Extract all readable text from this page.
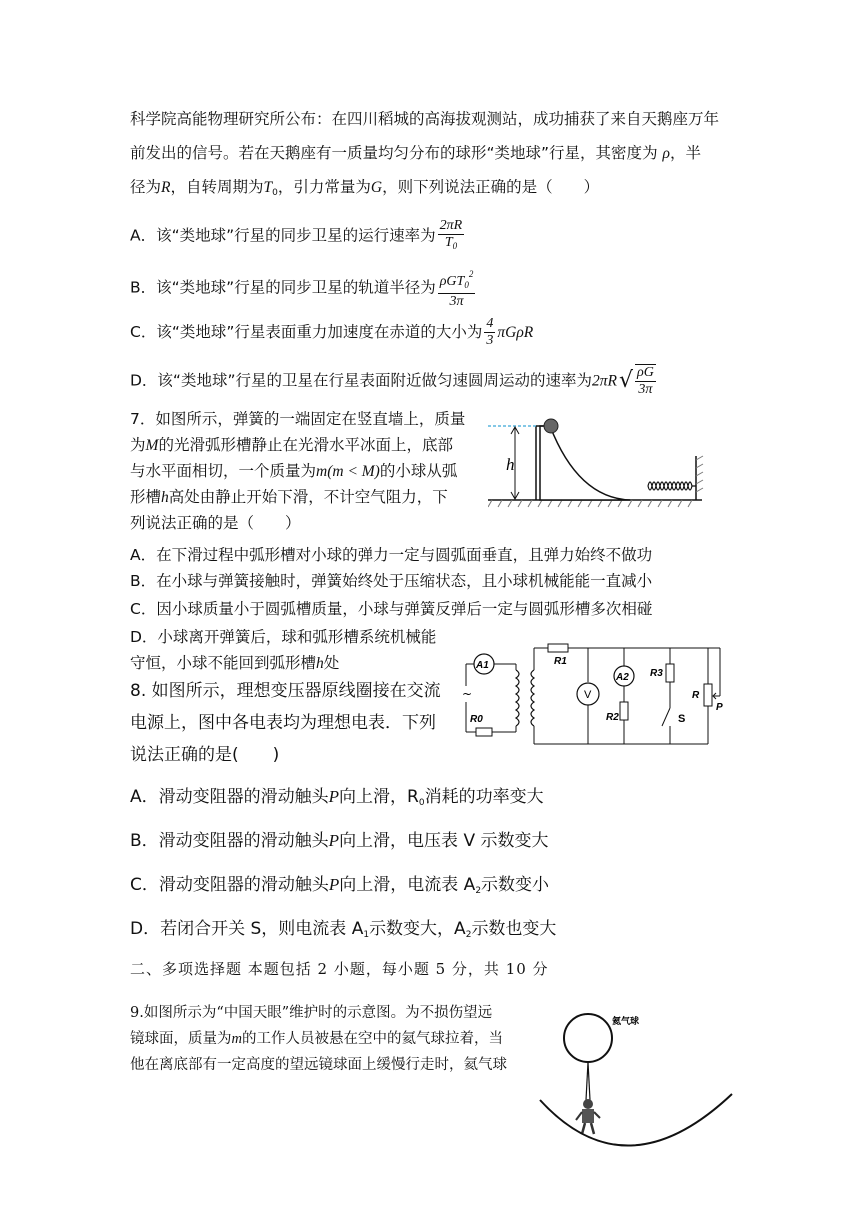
科学院高能物理研究所公布：在四川稻城的高海拔观测站，成功捕获了来自天鹅座万年
前发出的信号。若在天鹅座有一质量均匀分布的球形“类地球”行星，其密度为 ρ，半
径为R，自转周期为$T_0$，引力常量为G，则下列说法正确的是（　　）
A．该“类地球”行星的同步卫星的运行速率为 $\frac{2\pi R}{T_0}$
B．该“类地球”行星的同步卫星的轨道半径为 $\frac{\rho GT_0^2}{3\pi}$
C．该“类地球”行星表面重力加速度在赤道的大小为 $\frac{4}{3}$ πGρR
D．该“类地球”行星的卫星在行星表面附近做匀速圆周运动的速率为$2\pi R√ \frac{\rho G}{3\pi}$
7．如图所示，弹簧的一端固定在竖直墙上，质量
为M的光滑弧形槽静止在光滑水平冰面上，底部
与水平面相切，一个质量为m(m < M)的小球从弧
形槽h高处由静止开始下滑，不计空气阻力，下
列说法正确的是（　　）
A．在下滑过程中弧形槽对小球的弹力一定与圆弧面垂直，且弹力始终不做功
B．在小球与弹簧接触时，弹簧始终处于压缩状态，且小球机械能能一直减小
C．因小球质量小于圆弧槽质量，小球与弹簧反弹后一定与圆弧形槽多次相碰
D．小球离开弹簧后，球和弧形槽系统机械能
守恒，小球不能回到弧形槽h处
h
8. 如图所示，理想变压器原线圈接在交流
电源上，图中各电表均为理想电表．下列
说法正确的是(　　)
A1
~
R0
R1
V
A2
R2
R3
S
R
P
A．滑动变阻器的滑动触头P向上滑，$R_0$消耗的功率变大
B．滑动变阻器的滑动触头P向上滑，电压表 V 示数变大
C．滑动变阻器的滑动触头P向上滑，电流表 $A_2$示数变小
D．若闭合开关 S，则电流表 $A_1$示数变大，$A_2$示数也变大
二、多项选择题 本题包括 2 小题，每小题 5 分，共 10 分
9.如图所示为“中国天眼”维护时的示意图。为不损伤望远
镜球面，质量为m的工作人员被悬在空中的氦气球拉着，当
他在离底部有一定高度的望远镜球面上缓慢行走时，氦气球
氦气球
